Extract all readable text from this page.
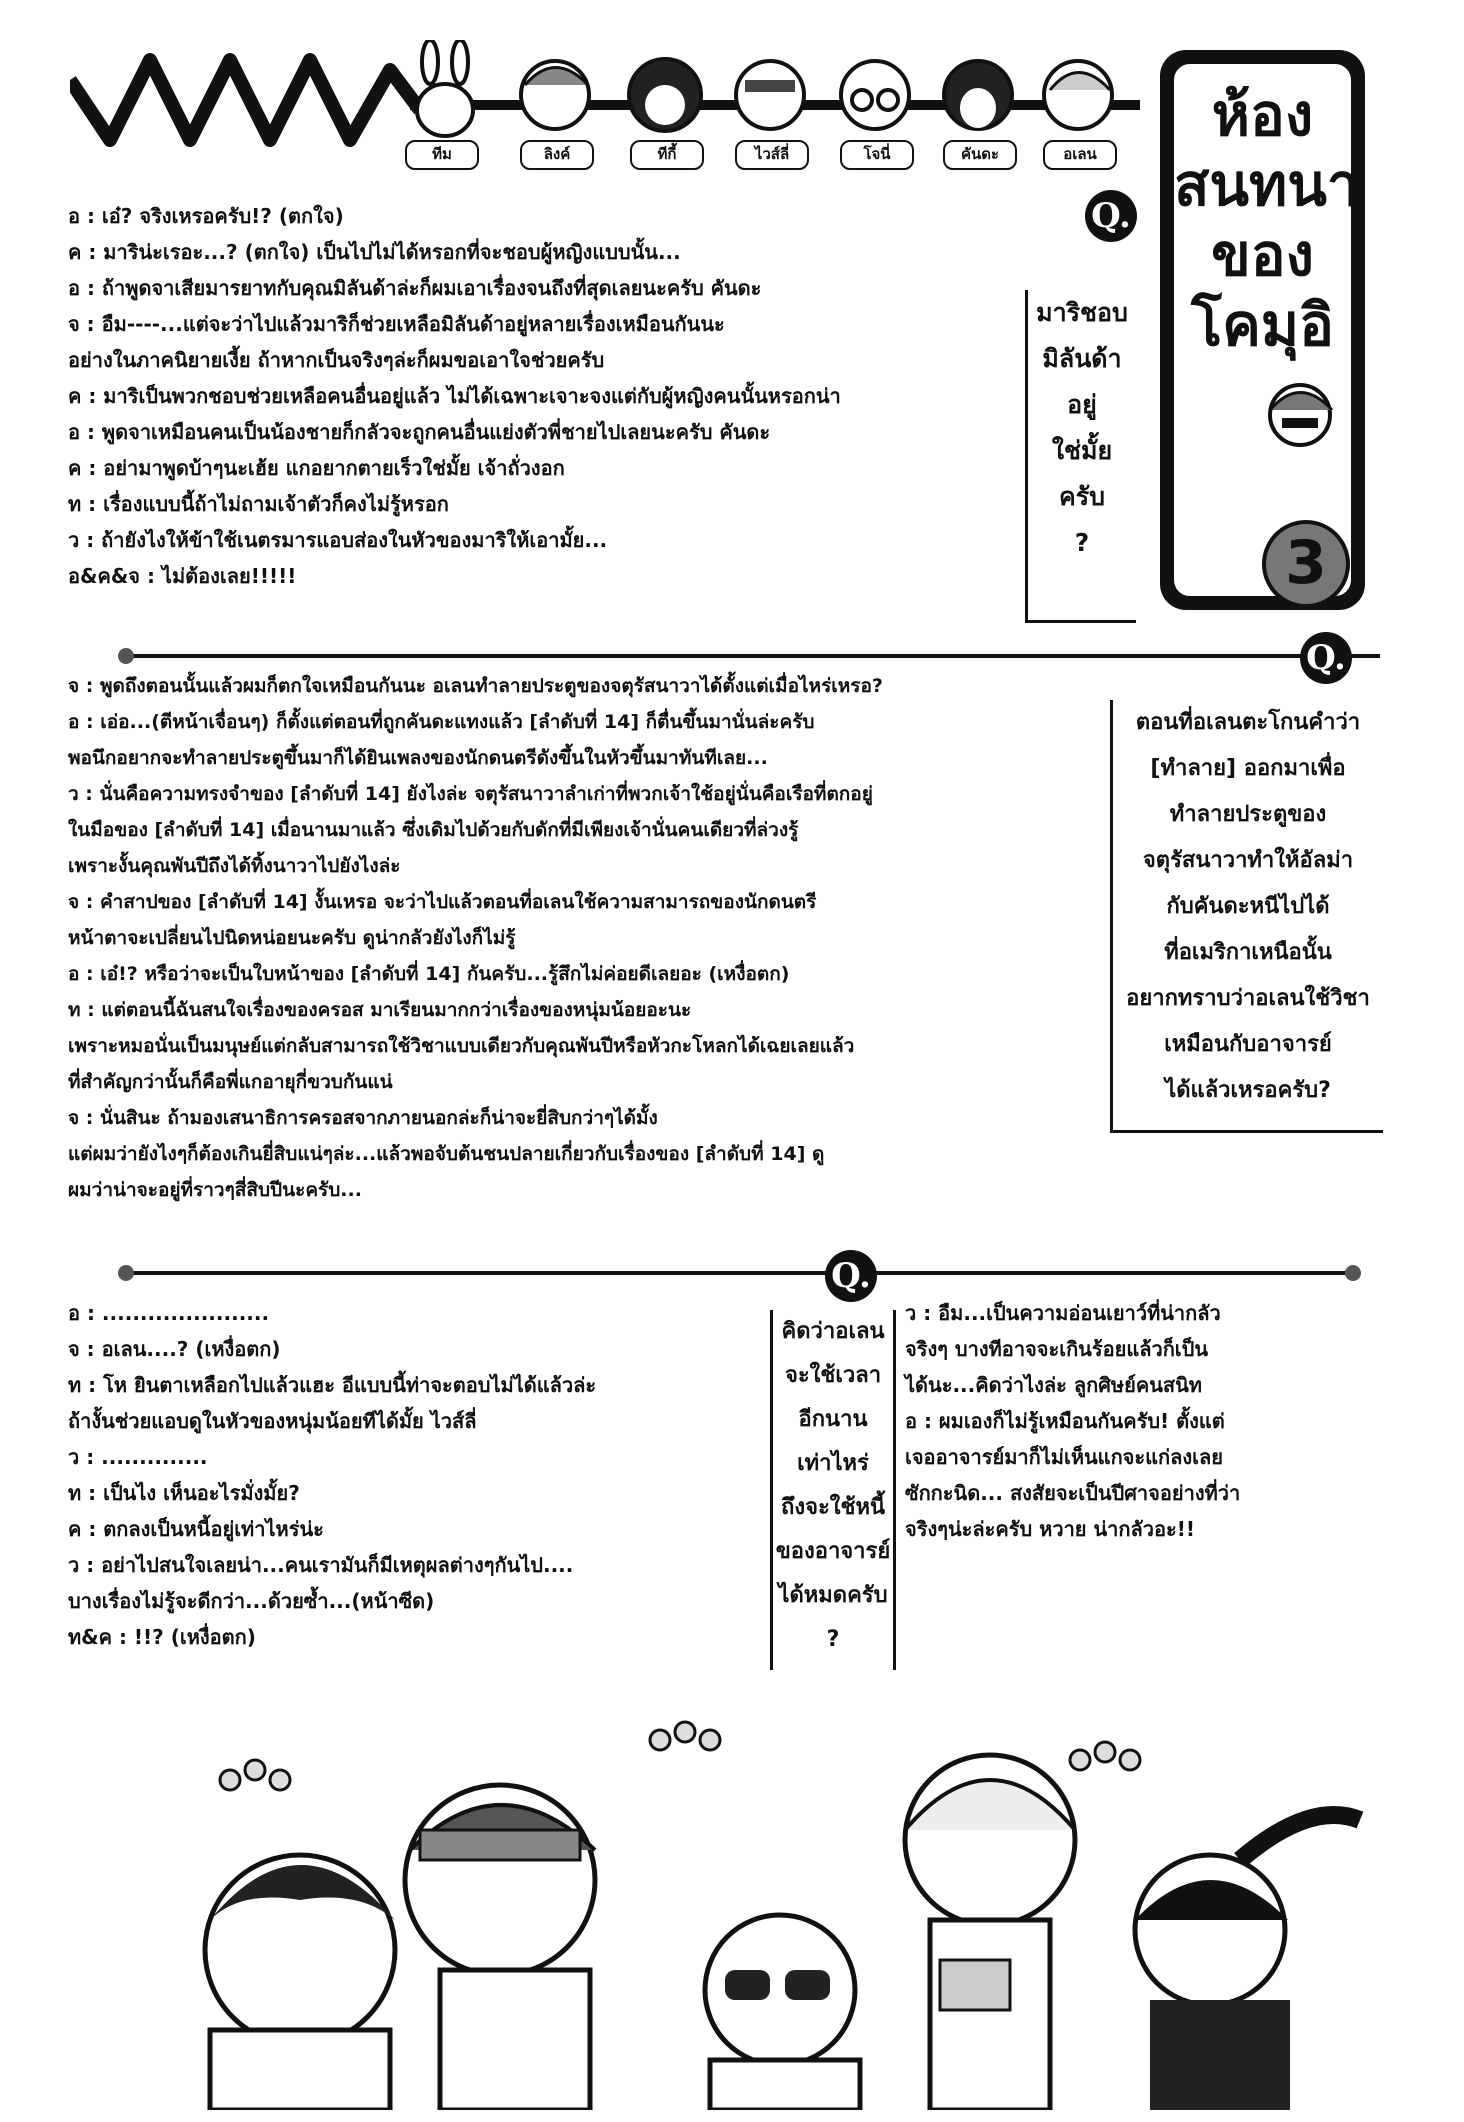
ทีม	ลิงค์	ทีกี้	ไวส์ลี่	โจนี่	คันดะ	อเลน
ห้อง
สนทนา
ของ
โคมุอิ
3
Q.
มาริชอบ
มิลันด้าอยู่
ใช่มั้ย
ครับ
?
อ : เอ๋? จริงเหรอครับ!? (ตกใจ)
ค : มาริน่ะเรอะ...? (ตกใจ) เป็นไปไม่ได้หรอกที่จะชอบผู้หญิงแบบนั้น...
อ : ถ้าพูดจาเสียมารยาทกับคุณมิลันด้าล่ะก็ผมเอาเรื่องจนถึงที่สุดเลยนะครับ คันดะ
จ : อืม----...แต่จะว่าไปแล้วมาริก็ช่วยเหลือมิลันด้าอยู่หลายเรื่องเหมือนกันนะ
อย่างในภาคนิยายเงี้ย ถ้าหากเป็นจริงๆล่ะก็ผมขอเอาใจช่วยครับ
ค : มาริเป็นพวกชอบช่วยเหลือคนอื่นอยู่แล้ว ไม่ได้เฉพาะเจาะจงแต่กับผู้หญิงคนนั้นหรอกน่า
อ : พูดจาเหมือนคนเป็นน้องชายก็กลัวจะถูกคนอื่นแย่งตัวพี่ชายไปเลยนะครับ คันดะ
ค : อย่ามาพูดบ้าๆนะเฮ้ย แกอยากตายเร็วใช่มั้ย เจ้าถั่วงอก
ท : เรื่องแบบนี้ถ้าไม่ถามเจ้าตัวก็คงไม่รู้หรอก
ว : ถ้ายังไงให้ข้าใช้เนตรมารแอบส่องในหัวของมาริให้เอามั้ย...
อ&ค&จ : ไม่ต้องเลย!!!!!
Q.
ตอนที่อเลนตะโกนคำว่า
[ทำลาย] ออกมาเพื่อ
ทำลายประตูของ
จตุรัสนาวาทำให้อัลม่า
กับคันดะหนีไปได้
ที่อเมริกาเหนือนั้น
อยากทราบว่าอเลนใช้วิชา
เหมือนกับอาจารย์
ได้แล้วเหรอครับ?
จ : พูดถึงตอนนั้นแล้วผมก็ตกใจเหมือนกันนะ อเลนทำลายประตูของจตุรัสนาวาได้ตั้งแต่เมื่อไหร่เหรอ?
อ : เอ่อ...(ตีหน้าเจื่อนๆ) ก็ตั้งแต่ตอนที่ถูกคันดะแทงแล้ว [ลำดับที่ 14] ก็ตื่นขึ้นมานั่นล่ะครับ
พอนึกอยากจะทำลายประตูขึ้นมาก็ได้ยินเพลงของนักดนตรีดังขึ้นในหัวขึ้นมาทันทีเลย...
ว : นั่นคือความทรงจำของ [ลำดับที่ 14] ยังไงล่ะ จตุรัสนาวาลำเก่าที่พวกเจ้าใช้อยู่นั่นคือเรือที่ตกอยู่
ในมือของ [ลำดับที่ 14] เมื่อนานมาแล้ว ซึ่งเดิมไปด้วยกับดักที่มีเพียงเจ้านั่นคนเดียวที่ล่วงรู้
เพราะงั้นคุณพันปีถึงได้ทิ้งนาวาไปยังไงล่ะ
จ : คำสาปของ [ลำดับที่ 14] งั้นเหรอ จะว่าไปแล้วตอนที่อเลนใช้ความสามารถของนักดนตรี
หน้าตาจะเปลี่ยนไปนิดหน่อยนะครับ ดูน่ากลัวยังไงก็ไม่รู้
อ : เอ๋!? หรือว่าจะเป็นใบหน้าของ [ลำดับที่ 14] กันครับ...รู้สึกไม่ค่อยดีเลยอะ (เหงื่อตก)
ท : แต่ตอนนี้ฉันสนใจเรื่องของครอส มาเรียนมากกว่าเรื่องของหนุ่มน้อยอะนะ
เพราะหมอนั่นเป็นมนุษย์แต่กลับสามารถใช้วิชาแบบเดียวกับคุณพันปีหรือหัวกะโหลกได้เฉยเลยแล้ว
ที่สำคัญกว่านั้นก็คือพี่แกอายุกี่ขวบกันแน่
จ : นั่นสินะ ถ้ามองเสนาธิการครอสจากภายนอกล่ะก็น่าจะยี่สิบกว่าๆได้มั้ง
แต่ผมว่ายังไงๆก็ต้องเกินยี่สิบแน่ๆล่ะ...แล้วพอจับต้นชนปลายเกี่ยวกับเรื่องของ [ลำดับที่ 14] ดู
ผมว่าน่าจะอยู่ที่ราวๆสี่สิบปีนะครับ...
Q.
คิดว่าอเลน
จะใช้เวลา
อีกนาน
เท่าไหร่
ถึงจะใช้หนี้
ของอาจารย์
ได้หมดครับ
?
อ : ......................
จ : อเลน....? (เหงื่อตก)
ท : โห ยินตาเหลือกไปแล้วแฮะ อีแบบนี้ท่าจะตอบไม่ได้แล้วล่ะ
ถ้างั้นช่วยแอบดูในหัวของหนุ่มน้อยทีได้มั้ย ไวส์ลี่
ว : ..............
ท : เป็นไง เห็นอะไรมั่งมั้ย?
ค : ตกลงเป็นหนี้อยู่เท่าไหร่น่ะ
ว : อย่าไปสนใจเลยน่า...คนเรามันก็มีเหตุผลต่างๆกันไป....
บางเรื่องไม่รู้จะดีกว่า...ด้วยซ้ำ...(หน้าซีด)
ท&ค : !!? (เหงื่อตก)
ว : อืม...เป็นความอ่อนเยาว์ที่น่ากลัว
จริงๆ บางทีอาจจะเกินร้อยแล้วก็เป็น
ได้นะ...คิดว่าไงล่ะ ลูกศิษย์คนสนิท
อ : ผมเองก็ไม่รู้เหมือนกันครับ! ตั้งแต่
เจออาจารย์มาก็ไม่เห็นแกจะแก่ลงเลย
ซักกะนิด... สงสัยจะเป็นปีศาจอย่างที่ว่า
จริงๆน่ะล่ะครับ หวาย น่ากลัวอะ!!
